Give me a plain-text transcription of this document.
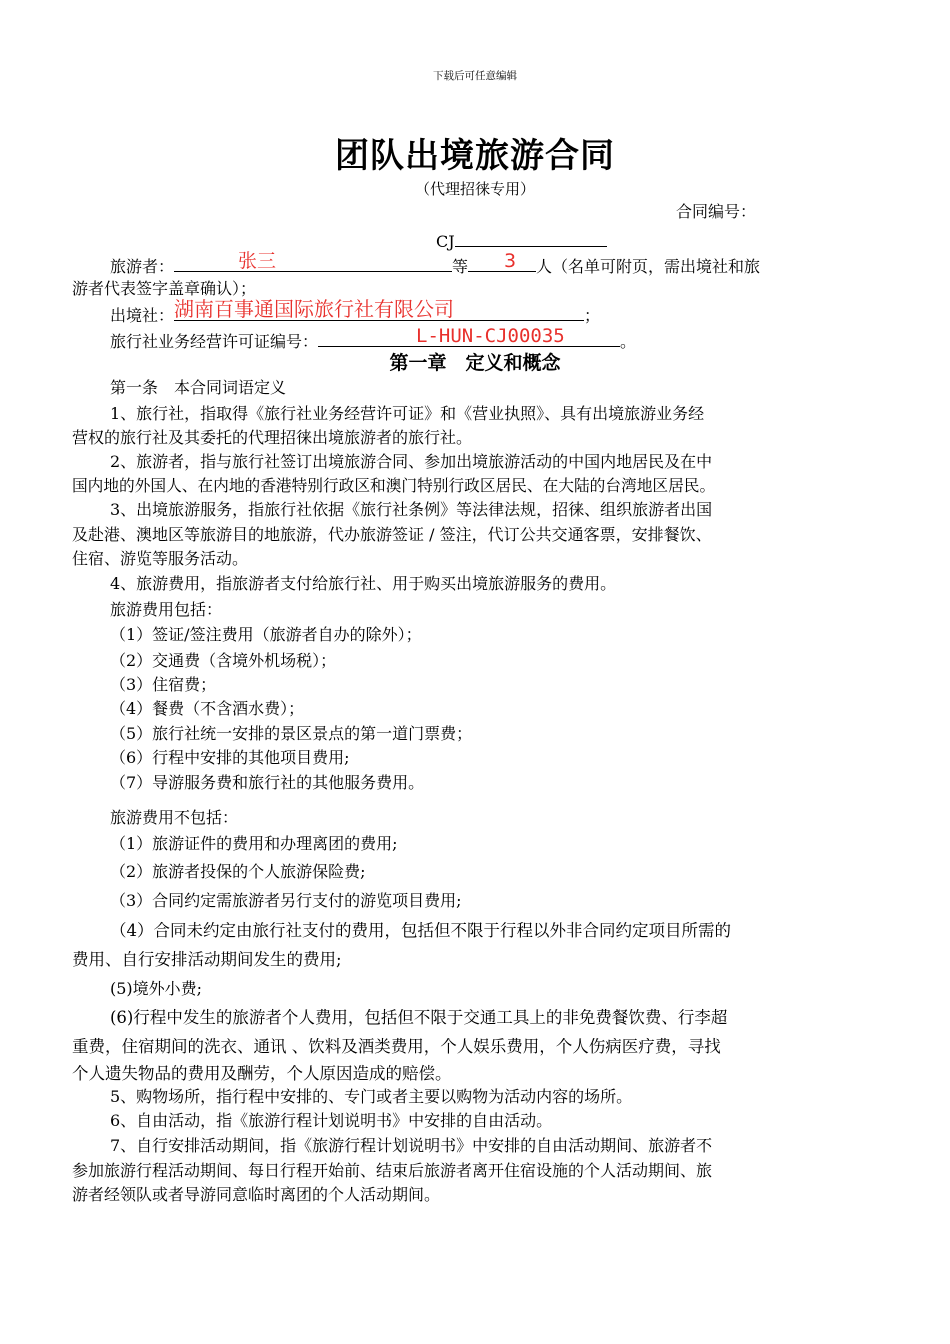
下载后可任意编辑
团队出境旅游合同
（代理招徕专用）
合同编号：
CJ
旅游者：	张三	等 3 人（名单可附页，需出境社和旅
游者代表签字盖章确认）；
出境社： 湖南百事通国际旅行社有限公司	；
旅行社业务经营许可证编号：	L-HUN-CJ00035	。
第一章　定义和概念
第一条　本合同词语定义
1、旅行社，指取得《旅行社业务经营许可证》和《营业执照》、具有出境旅游业务经
营权的旅行社及其委托的代理招徕出境旅游者的旅行社。
2、旅游者，指与旅行社签订出境旅游合同、参加出境旅游活动的中国内地居民及在中
国内地的外国人、在内地的香港特别行政区和澳门特别行政区居民、在大陆的台湾地区居民。
3、出境旅游服务，指旅行社依据《旅行社条例》等法律法规，招徕、组织旅游者出国
及赴港、澳地区等旅游目的地旅游，代办旅游签证 / 签注，代订公共交通客票，安排餐饮、
住宿、游览等服务活动。
4、旅游费用，指旅游者支付给旅行社、用于购买出境旅游服务的费用。
旅游费用包括：
（1）签证/签注费用（旅游者自办的除外）；
（2）交通费（含境外机场税）；
（3）住宿费；
（4）餐费（不含酒水费）；
（5）旅行社统一安排的景区景点的第一道门票费；
（6）行程中安排的其他项目费用;
（7）导游服务费和旅行社的其他服务费用。
旅游费用不包括：
（1）旅游证件的费用和办理离团的费用;
（2）旅游者投保的个人旅游保险费;
（3）合同约定需旅游者另行支付的游览项目费用;
（4）合同未约定由旅行社支付的费用，包括但不限于行程以外非合同约定项目所需的
费用、自行安排活动期间发生的费用;
(5)境外小费;
(6)行程中发生的旅游者个人费用，包括但不限于交通工具上的非免费餐饮费、行李超
重费，住宿期间的洗衣、通讯 、饮料及酒类费用，个人娱乐费用，个人伤病医疗费，寻找
个人遗失物品的费用及酬劳，个人原因造成的赔偿。
5、购物场所，指行程中安排的、专门或者主要以购物为活动内容的场所。
6、自由活动，指《旅游行程计划说明书》中安排的自由活动。
7、自行安排活动期间，指《旅游行程计划说明书》中安排的自由活动期间、旅游者不
参加旅游行程活动期间、每日行程开始前、结束后旅游者离开住宿设施的个人活动期间、旅
游者经领队或者导游同意临时离团的个人活动期间。
